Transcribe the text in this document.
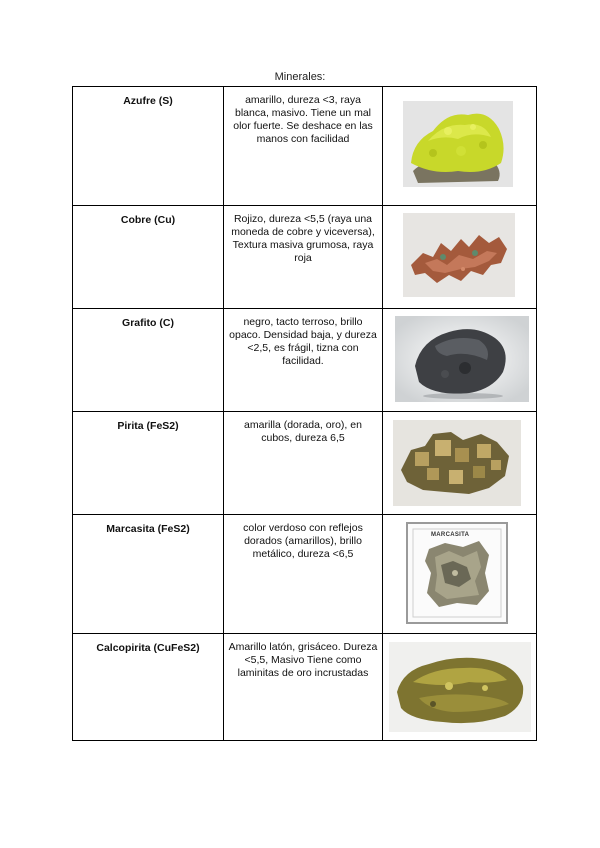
Minerales:
Azufre (S)	amarillo, dureza <3, raya blanca, masivo. Tiene un mal olor fuerte. Se deshace en las manos con facilidad	

Cobre (Cu)	Rojizo, dureza <5,5 (raya una moneda de cobre y viceversa), Textura masiva grumosa, raya roja	

Grafito (C)	negro, tacto terroso, brillo opaco. Densidad baja, y dureza <2,5, es frágil, tizna con facilidad.	

Pirita (FeS2)	amarilla (dorada, oro), en cubos, dureza 6,5	

Marcasita (FeS2)	color verdoso con reflejos dorados (amarillos), brillo metálico, dureza <6,5	MARCASITA

Calcopirita (CuFeS2)	Amarillo latón, grisáceo. Dureza <5,5, Masivo Tiene como laminitas de oro incrustadas	
